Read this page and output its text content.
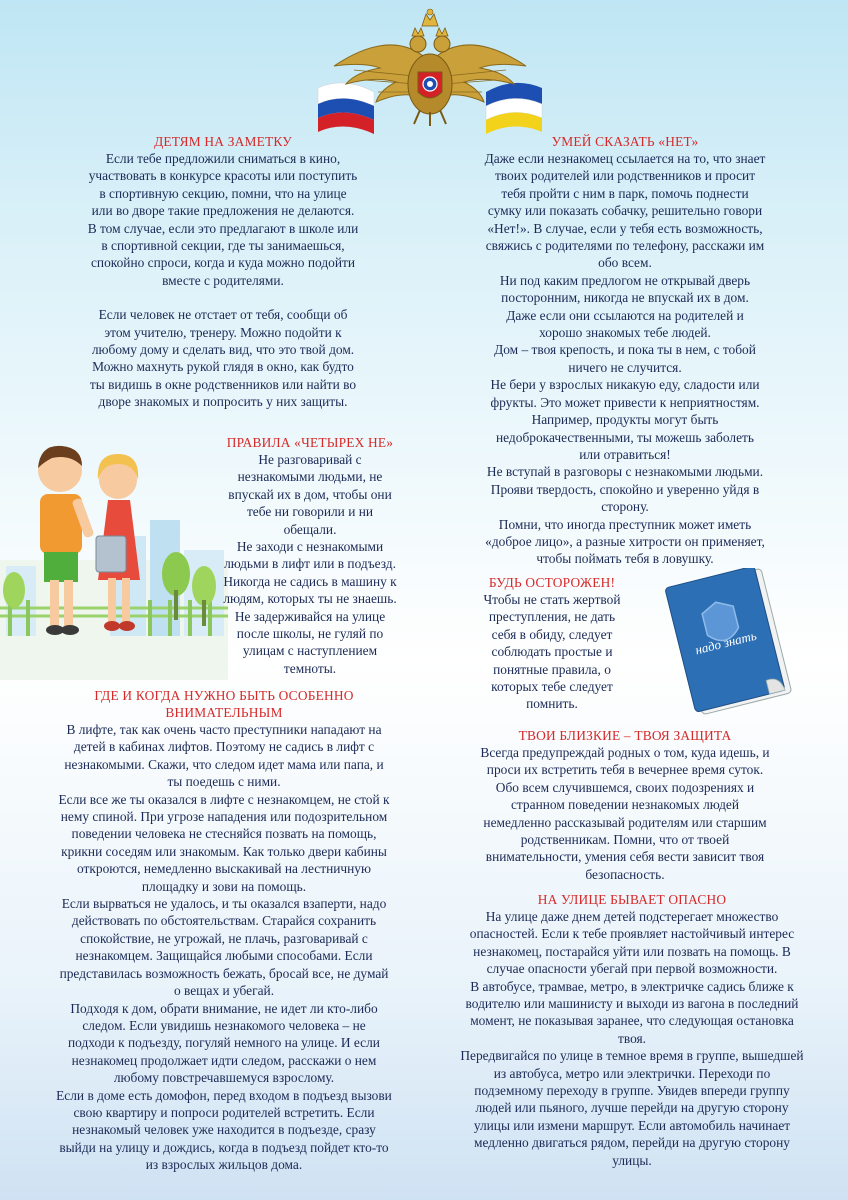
надо знать

ДЕТЯМ НА ЗАМЕТКУ

Если тебе предложили сниматься в кино,

участвовать в конкурсе красоты или поступить

в спортивную секцию, помни, что на улице

или во дворе такие предложения не делаются.

В том случае, если это предлагают в школе или

в спортивной секции, где ты занимаешься,

спокойно спроси, когда и куда можно подойти

вместе с родителями.

Если человек не отстает от тебя, сообщи об

этом учителю, тренеру. Можно подойти к

любому дому и сделать вид, что это твой дом.

Можно махнуть рукой глядя в окно, как будто

ты видишь в окне родственников или найти во

дворе знакомых и попросить у них защиты.

ПРАВИЛА «ЧЕТЫРЕХ НЕ»

Не разговаривай с

незнакомыми людьми, не

впускай их в дом, чтобы они

тебе ни говорили и ни

обещали.

Не заходи с незнакомыми

людьми в лифт или в подъезд.

Никогда не садись в машину к

людям, которых ты не знаешь.

Не задерживайся на улице

после школы, не гуляй по

улицам с наступлением

темноты.

ГДЕ И КОГДА НУЖНО БЫТЬ ОСОБЕННО

ВНИМАТЕЛЬНЫМ

В лифте, так как очень часто преступники нападают на

детей в кабинах лифтов. Поэтому не садись в лифт с

незнакомыми. Скажи, что следом идет мама или папа, и

ты поедешь с ними.

Если все же ты оказался в лифте с незнакомцем, не стой к

нему спиной. При угрозе нападения или подозрительном

поведении человека не стесняйся позвать на помощь,

крикни соседям или знакомым. Как только двери кабины

откроются, немедленно выскакивай на лестничную

площадку и зови на помощь.

Если вырваться не удалось, и ты оказался взаперти, надо

действовать по обстоятельствам. Старайся сохранить

спокойствие, не угрожай, не плачь, разговаривай с

незнакомцем. Защищайся любыми способами. Если

представилась возможность бежать, бросай все, не думай

о вещах и убегай.

Подходя к дом, обрати внимание, не идет ли кто-либо

следом. Если увидишь незнакомого человека – не

подходи к подъезду, погуляй немного на улице. И если

незнакомец продолжает идти следом, расскажи о нем

любому повстречавшемуся взрослому.

Если в доме есть домофон, перед входом в подъезд вызови

свою квартиру и попроси родителей встретить. Если

незнакомый человек уже находится в подъезде, сразу

выйди на улицу и дождись, когда в подъезд пойдет кто-то

из взрослых жильцов дома.

УМЕЙ СКАЗАТЬ «НЕТ»

Даже если незнакомец ссылается на то, что знает

твоих родителей или родственников и просит

тебя пройти с ним в парк, помочь поднести

сумку или показать собачку, решительно говори

«Нет!». В случае, если у тебя есть возможность,

свяжись с родителями по телефону, расскажи им

обо всем.

Ни под каким предлогом не открывай дверь

посторонним, никогда не впускай их в дом.

Даже если они ссылаются на родителей и

хорошо знакомых тебе людей.

Дом – твоя крепость, и пока ты в нем, с тобой

ничего не случится.

Не бери у взрослых никакую еду, сладости или

фрукты. Это может привести к неприятностям.

Например, продукты могут быть

недоброкачественными, ты можешь заболеть

или отравиться!

Не вступай в разговоры с незнакомыми людьми.

Прояви твердость, спокойно и уверенно уйдя в

сторону.

Помни, что иногда преступник может иметь

«доброе лицо», а разные хитрости он применяет,

чтобы поймать тебя в ловушку.

БУДЬ ОСТОРОЖЕН!

Чтобы не стать жертвой

преступления, не дать

себя в обиду, следует

соблюдать простые и

понятные правила, о

которых тебе следует

помнить.

ТВОИ БЛИЗКИЕ – ТВОЯ ЗАЩИТА

Всегда предупреждай родных о том, куда идешь, и

проси их встретить тебя в вечернее время суток.

Обо всем случившемся, своих подозрениях и

странном поведении незнакомых людей

немедленно рассказывай родителям или старшим

родственникам. Помни, что от твоей

внимательности, умения себя вести зависит твоя

безопасность.

НА УЛИЦЕ БЫВАЕТ ОПАСНО

На улице даже днем детей подстерегает множество

опасностей. Если к тебе проявляет настойчивый интерес

незнакомец, постарайся уйти или позвать на помощь. В

случае опасности убегай при первой возможности.

В автобусе, трамвае, метро, в электричке садись ближе к

водителю или машинисту и выходи из вагона в последний

момент, не показывая заранее, что следующая остановка

твоя.

Передвигайся по улице в темное время в группе, вышедшей

из автобуса, метро или электрички. Переходи по

подземному переходу в группе. Увидев впереди группу

людей или пьяного, лучше перейди на другую сторону

улицы или измени маршрут. Если автомобиль начинает

медленно двигаться рядом, перейди на другую сторону

улицы.
